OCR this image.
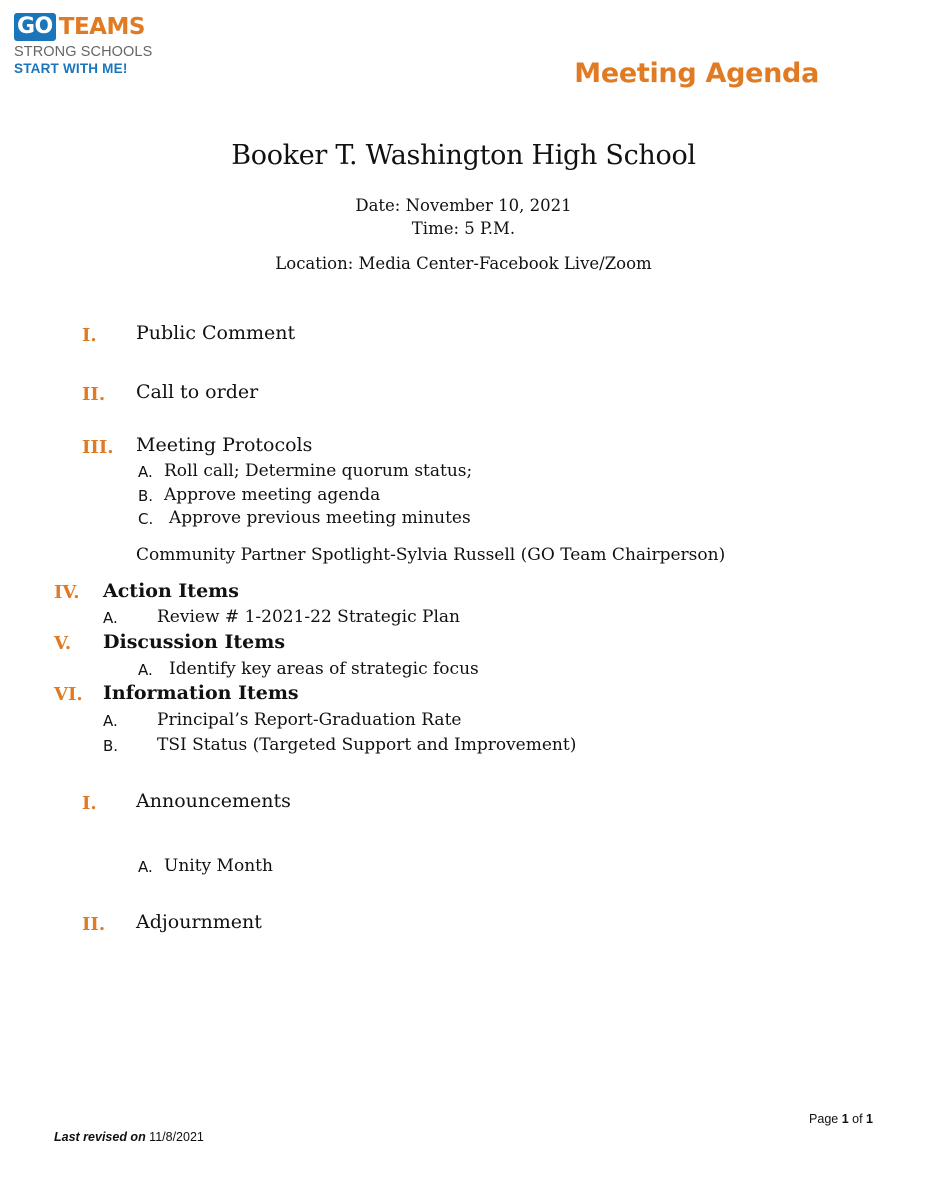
GO TEAMS
STRONG SCHOOLS
START WITH ME!	Meeting Agenda
Booker T. Washington High School
Date: November 10, 2021
Time: 5 P.M.
Location: Media Center-Facebook Live/Zoom
I. Public Comment
II. Call to order
III. Meeting Protocols
A. Roll call; Determine quorum status;
B. Approve meeting agenda
C. Approve previous meeting minutes
Community Partner Spotlight-Sylvia Russell (GO Team Chairperson)
IV. Action Items
A. Review # 1-2021-22 Strategic Plan
V. Discussion Items
A. Identify key areas of strategic focus
VI. Information Items
A. Principal’s Report-Graduation Rate
B. TSI Status (Targeted Support and Improvement)
I. Announcements
A. Unity Month
II. Adjournment
Page 1 of 1
Last revised on 11/8/2021
